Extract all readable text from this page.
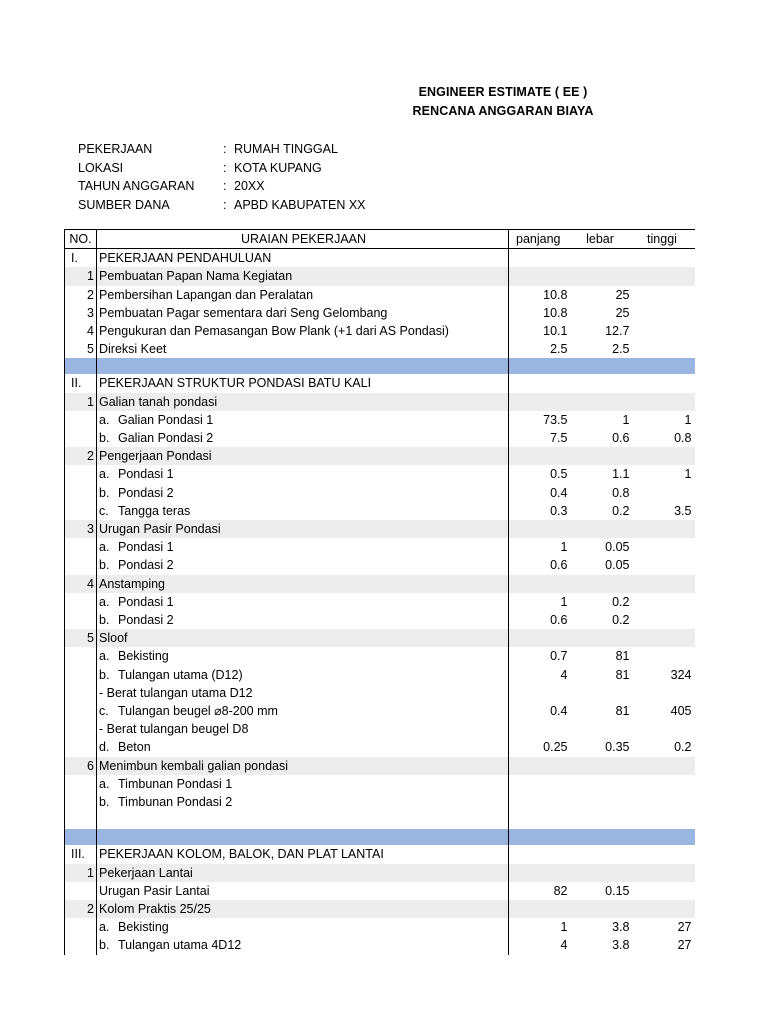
ENGINEER ESTIMATE ( EE )
RENCANA ANGGARAN BIAYA
PEKERJAAN	: RUMAH TINGGAL
LOKASI	: KOTA KUPANG
TAHUN ANGGARAN : 20XX
SUMBER DANA	: APBD KABUPATEN XX
NO.	URAIAN PEKERJAAN	panjang	lebar	tinggi	
I.	PEKERJAAN PENDAHULUAN				
1	Pembuatan Papan Nama Kegiatan				
2	Pembersihan Lapangan dan Peralatan	10.8	25		
3	Pembuatan Pagar sementara dari Seng Gelombang	10.8	25		
4	Pengukuran dan Pemasangan Bow Plank (+1 dari AS Pondasi)	10.1	12.7		
5	Direksi Keet	2.5	2.5		

II.	PEKERJAAN STRUKTUR PONDASI BATU KALI				
1	Galian tanah pondasi				
	a. Galian Pondasi 1	73.5	1	1	
	b. Galian Pondasi 2	7.5	0.6	0.8	
2	Pengerjaan Pondasi				
	a. Pondasi 1	0.5	1.1	1	
	b. Pondasi 2	0.4	0.8		
	c. Tangga teras	0.3	0.2	3.5	
3	Urugan Pasir Pondasi				
	a. Pondasi 1	1	0.05		
	b. Pondasi 2	0.6	0.05		
4	Anstamping				
	a. Pondasi 1	1	0.2		
	b. Pondasi 2	0.6	0.2		
5	Sloof				
	a. Bekisting	0.7	81		
	b. Tulangan utama (D12)	4	81	324	
	- Berat tulangan utama D12				
	c. Tulangan beugel ⌀8-200 mm	0.4	81	405	
	- Berat tulangan beugel D8				
	d. Beton	0.25	0.35	0.2	
6	Menimbun kembali galian pondasi				
	a. Timbunan Pondasi 1				
	b. Timbunan Pondasi 2				

III.	PEKERJAAN KOLOM, BALOK, DAN PLAT LANTAI				
1	Pekerjaan Lantai				
	Urugan Pasir Lantai	82	0.15		
2	Kolom Praktis 25/25				
	a. Bekisting	1	3.8	27	
	b. Tulangan utama 4D12	4	3.8	27	
